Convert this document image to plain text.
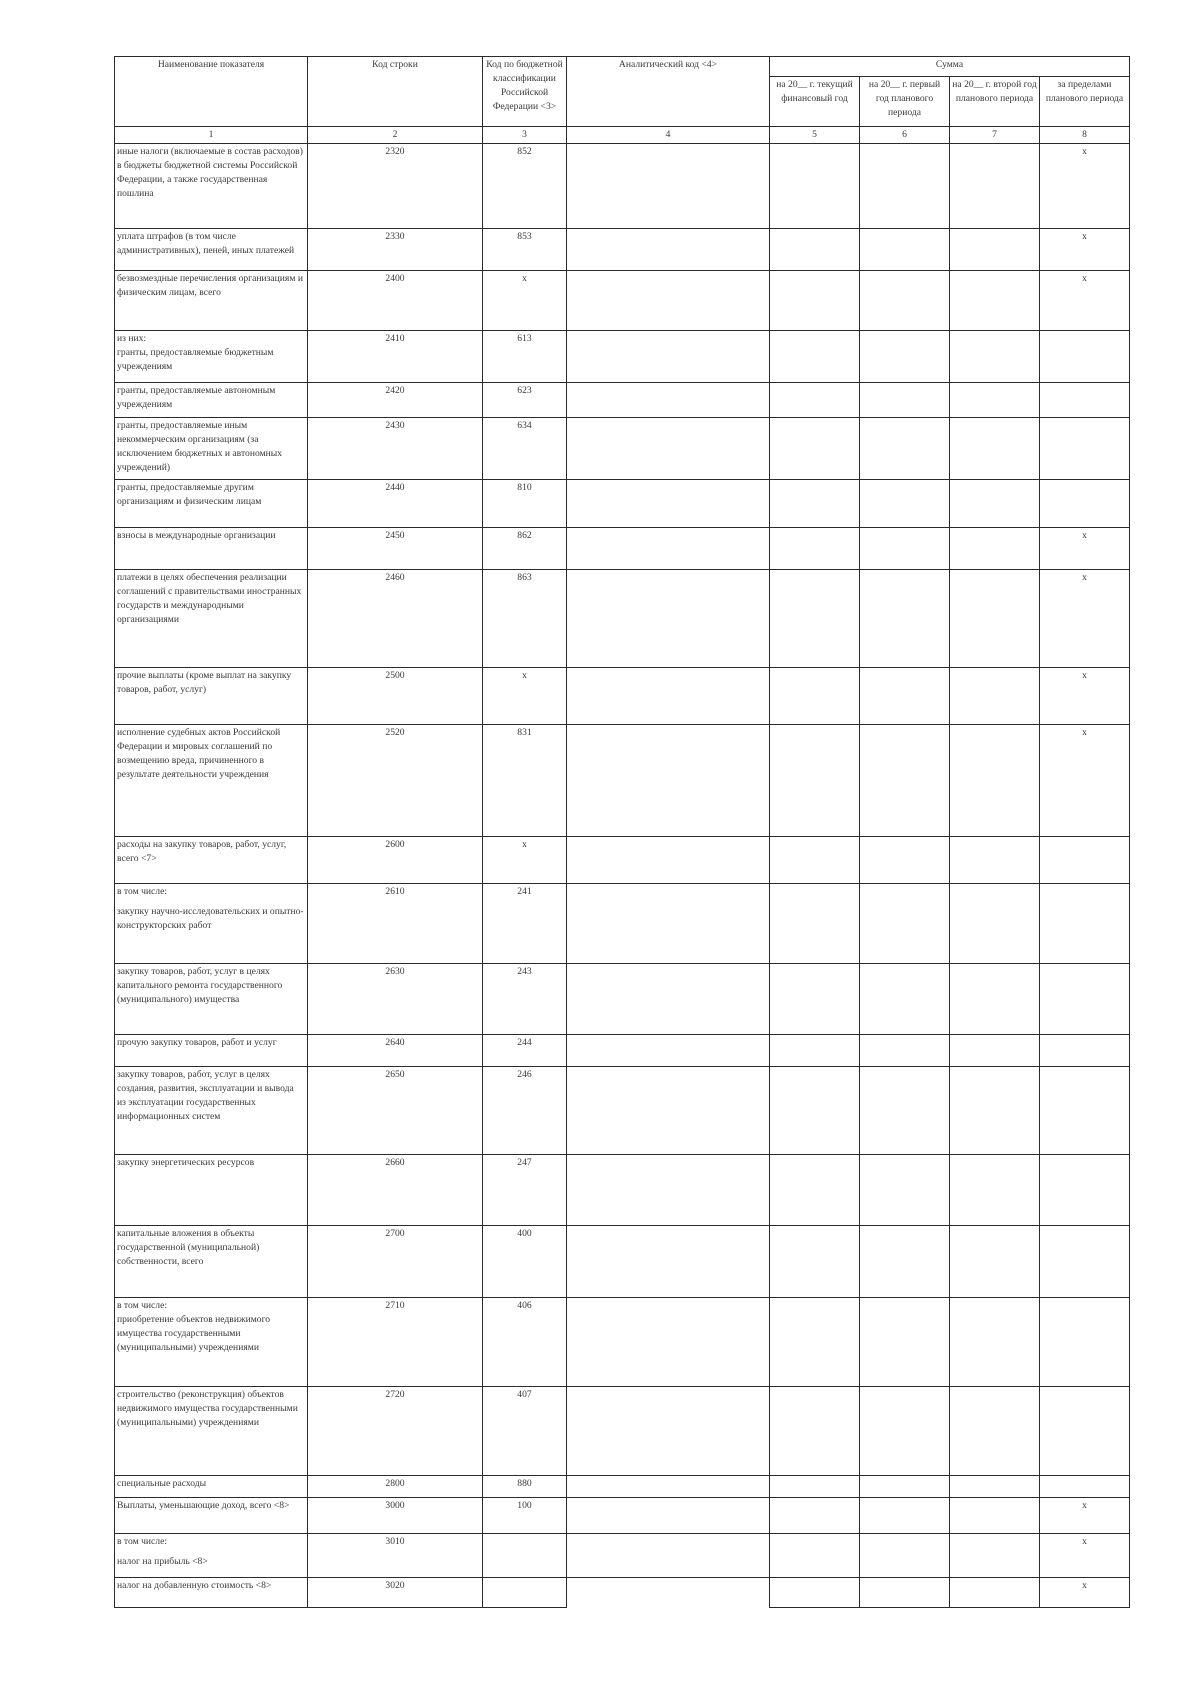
Наименование показателя	Код строки	Код по бюджетной классификации Российской Федерации <3>	Аналитический код <4>	Сумма			
				на 20__ г. текущий финансовый год	на 20__ г. первый год планового периода	на 20__ г. второй год планового периода	за пределами планового периода
1	2	3	4	5	6	7	8
иные налоги (включаемые в состав расходов) в бюджеты бюджетной системы Российской Федерации, а также государственная пошлина	2320	852					x
уплата штрафов (в том числе административных), пеней, иных платежей	2330	853					x
безвозмездные перечисления организациям и физическим лицам, всего	2400	x					x
из них:
гранты, предоставляемые бюджетным учреждениям	2410	613					
гранты, предоставляемые автономным учреждениям	2420	623					
гранты, предоставляемые иным некоммерческим организациям (за исключением бюджетных и автономных учреждений)	2430	634					
гранты, предоставляемые другим организациям и физическим лицам	2440	810					
взносы в международные организации	2450	862					x
платежи в целях обеспечения реализации соглашений с правительствами иностранных государств и международными организациями	2460	863					x
прочие выплаты (кроме выплат на закупку товаров, работ, услуг)	2500	x					x
исполнение судебных актов Российской Федерации и мировых соглашений по возмещению вреда, причиненного в результате деятельности учреждения	2520	831					x
расходы на закупку товаров, работ, услуг, всего <7>	2600	x					
в том числе:
закупку научно-исследовательских и опытно-конструкторских работ	2610	241					
закупку товаров, работ, услуг в целях капитального ремонта государственного (муниципального) имущества	2630	243					
прочую закупку товаров, работ и услуг	2640	244					
закупку товаров, работ, услуг в целях создания, развития, эксплуатации и вывода из эксплуатации государственных информационных систем	2650	246					
закупку энергетических ресурсов	2660	247					
капитальные вложения в объекты государственной (муниципальной) собственности, всего	2700	400					
в том числе:
приобретение объектов недвижимого имущества государственными (муниципальными) учреждениями	2710	406					
строительство (реконструкция) объектов недвижимого имущества государственными (муниципальными) учреждениями	2720	407					
специальные расходы	2800	880					
Выплаты, уменьшающие доход, всего <8>	3000	100					x
в том числе:
налог на прибыль <8>	3010						x
налог на добавленную стоимость <8>	3020						x
